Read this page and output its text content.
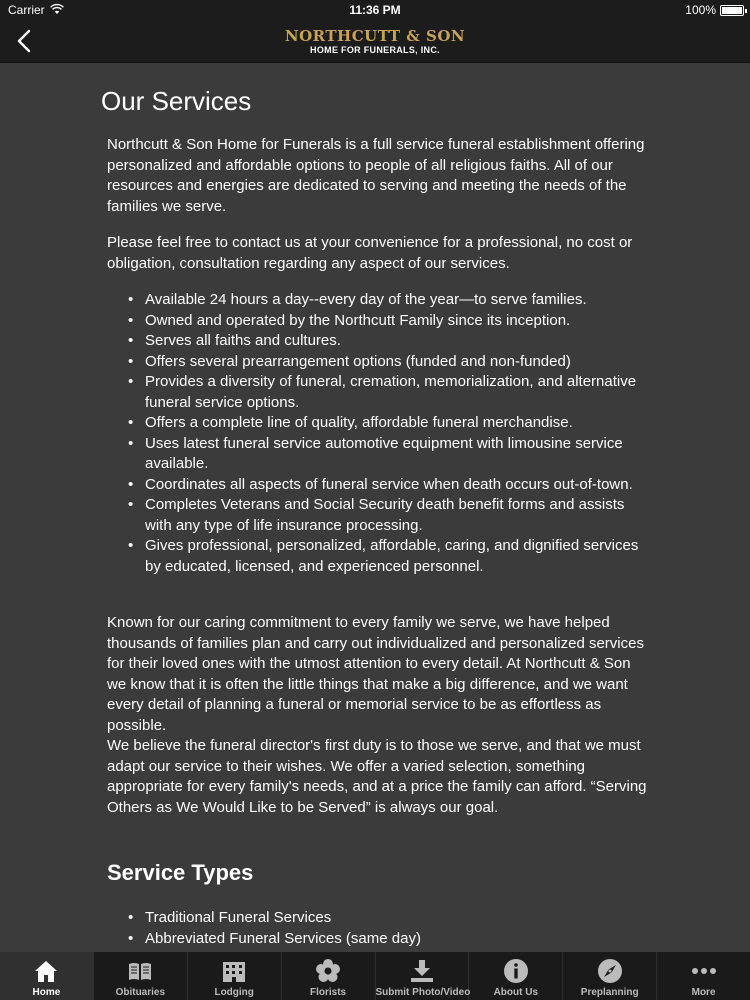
Carrier	11:36 PM	100%
NORTHCUTT & SON
HOME FOR FUNERALS, INC.
Our Services

Northcutt & Son Home for Funerals is a full service funeral establishment offering personalized and affordable options to people of all religious faiths. All of our resources and energies are dedicated to serving and meeting the needs of the families we serve.

Please feel free to contact us at your convenience for a professional, no cost or obligation, consultation regarding any aspect of our services.

• Available 24 hours a day--every day of the year—to serve families.
• Owned and operated by the Northcutt Family since its inception.
• Serves all faiths and cultures.
• Offers several prearrangement options (funded and non-funded)
• Provides a diversity of funeral, cremation, memorialization, and alternative funeral service options.
• Offers a complete line of quality, affordable funeral merchandise.
• Uses latest funeral service automotive equipment with limousine service available.
• Coordinates all aspects of funeral service when death occurs out-of-town.
• Completes Veterans and Social Security death benefit forms and assists with any type of life insurance processing.
• Gives professional, personalized, affordable, caring, and dignified services by educated, licensed, and experienced personnel.

Known for our caring commitment to every family we serve, we have helped thousands of families plan and carry out individualized and personalized services for their loved ones with the utmost attention to every detail. At Northcutt & Son we know that it is often the little things that make a big difference, and we want every detail of planning a funeral or memorial service to be as effortless as possible.

We believe the funeral director's first duty is to those we serve, and that we must adapt our service to their wishes. We offer a varied selection, something appropriate for every family's needs, and at a price the family can afford. “Serving Others as We Would Like to be Served” is always our goal.

Service Types
• Traditional Funeral Services
• Abbreviated Funeral Services (same day)
Home	Obituaries	Lodging	Florists	Submit Photo/Video	About Us	Preplanning	More
